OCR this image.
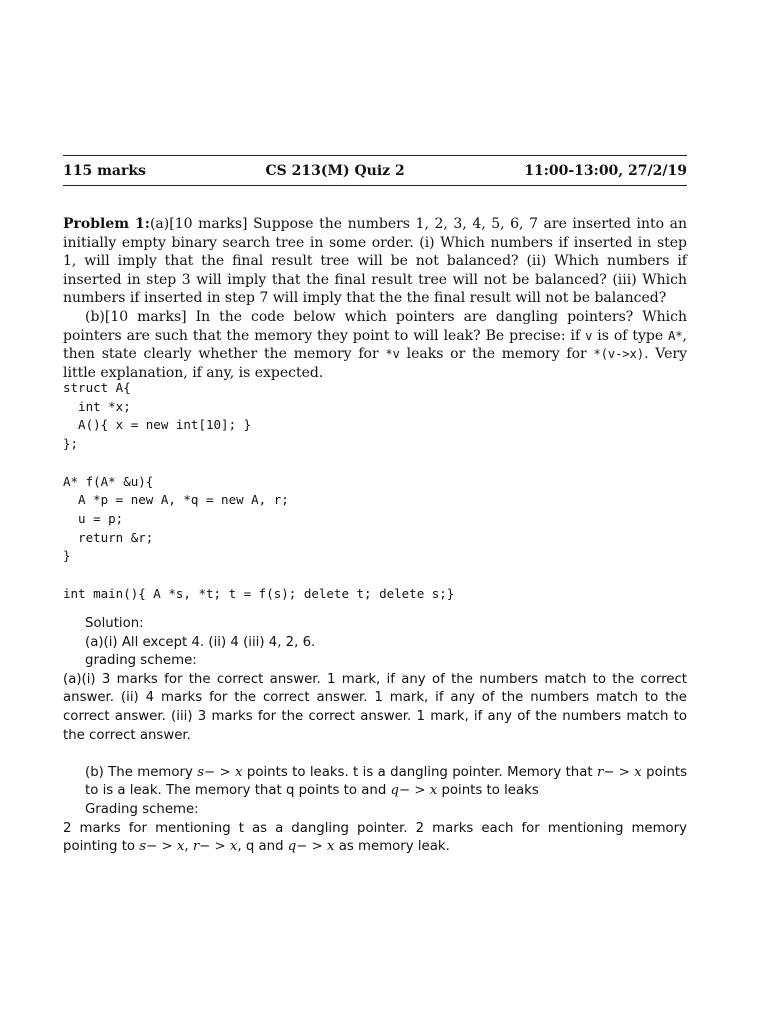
115 marks	CS 213(M) Quiz 2	11:00-13:00, 27/2/19

Problem 1:(a)[10 marks] Suppose the numbers 1, 2, 3, 4, 5, 6, 7 are inserted into an initially empty binary search tree in some order. (i) Which numbers if inserted in step 1, will imply that the final result tree will be not balanced? (ii) Which numbers if inserted in step 3 will imply that the final result tree will not be balanced? (iii) Which numbers if inserted in step 7 will imply that the the final result will not be balanced?

(b)[10 marks] In the code below which pointers are dangling pointers? Which pointers are such that the memory they point to will leak? Be precise: if v is of type A*, then state clearly whether the memory for *v leaks or the memory for *(v->x). Very little explanation, if any, is expected.

struct A{
int *x;
A(){ x = new int[10]; }
};

A* f(A* &u){
A *p = new A, *q = new A, r;
u = p;
return &r;
}

int main(){ A *s, *t; t = f(s); delete t; delete s;}

Solution:

(a)(i) All except 4. (ii) 4 (iii) 4, 2, 6.

grading scheme:

(a)(i) 3 marks for the correct answer. 1 mark, if any of the numbers match to the correct answer. (ii) 4 marks for the correct answer. 1 mark, if any of the numbers match to the correct answer. (iii) 3 marks for the correct answer. 1 mark, if any of the numbers match to the correct answer.

(b) The memory s− > x points to leaks. t is a dangling pointer. Memory that r− > x points to is a leak. The memory that q points to and q− > x points to leaks

Grading scheme:

2 marks for mentioning t as a dangling pointer. 2 marks each for mentioning memory pointing to s− > x, r− > x, q and q− > x as memory leak.
